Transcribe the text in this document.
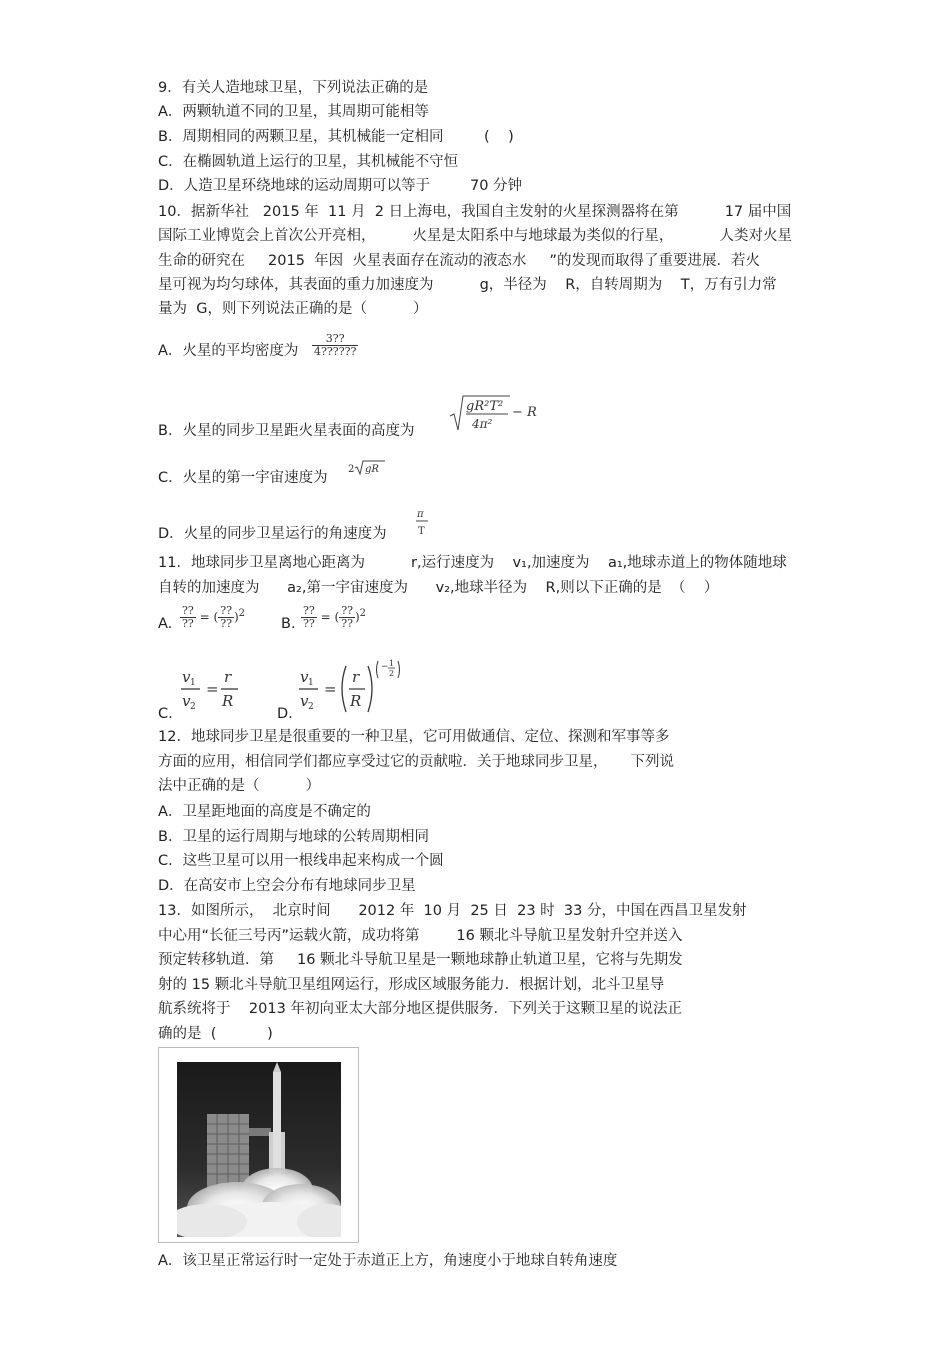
9．有关人造地球卫星，下列说法正确的是
A．两颗轨道不同的卫星，其周期可能相等
B．周期相同的两颗卫星，其机械能一定相同	(    )
C．在椭圆轨道上运行的卫星，其机械能不守恒
D．人造卫星环绕地球的运动周期可以等于	70 分钟
10．据新华社   2015 年  11 月  2 日上海电，我国自主发射的火星探测器将在第          17 届中国
国际工业博览会上首次公开亮相，        火星是太阳系中与地球最为类似的行星，          人类对火星
生命的研究在     2015  年因  火星表面存在流动的液态水     ”的发现而取得了重要进展．若火
星可视为均匀球体，其表面的重力加速度为          g，半径为    R，自转周期为    T，万有引力常
量为  G，则下列说法正确的是（          ）
A．火星的平均密度为 $\frac{3??}{4??????}$
B．火星的同步卫星距火星表面的高度为
gR²T²
4π²
− R
C．火星的第一宇宙速度为
2 gR
D．火星的同步卫星运行的角速度为
π
T
11．地球同步卫星离地心距离为          r,运行速度为    v₁,加速度为    a₁,地球赤道上的物体随地球
自转的加速度为      a₂,第一宇宙速度为      v₂,地球半径为    R,则以下正确的是  （    ）
A. $\frac{??}{??}$ = ( $\frac{??}{??} )^2$
B. $\frac{??}{??}$ = ( $\frac{??}{??} )^2$
C.
v 1
v 2
=
r
R
D.
v 1
v 2
=
r
R
− 1
2
12．地球同步卫星是很重要的一种卫星，它可用做通信、定位、探测和军事等多
方面的应用，相信同学们都应享受过它的贡献啦．关于地球同步卫星，     下列说
法中正确的是（          ）
A．卫星距地面的高度是不确定的
B．卫星的运行周期与地球的公转周期相同
C．这些卫星可以用一根线串起来构成一个圆
D．在高安市上空会分布有地球同步卫星
13．如图所示，  北京时间      2012 年  10 月  25 日  23 时  33 分，中国在西昌卫星发射
中心用“长征三号丙”运载火箭，成功将第        16 颗北斗导航卫星发射升空并送入
预定转移轨道．第     16 颗北斗导航卫星是一颗地球静止轨道卫星，它将与先期发
射的 15 颗北斗导航卫星组网运行，形成区域服务能力．根据计划，北斗卫星导
航系统将于    2013 年初向亚太大部分地区提供服务．下列关于这颗卫星的说法正
确的是  (           )
A．该卫星正常运行时一定处于赤道正上方，角速度小于地球自转角速度
